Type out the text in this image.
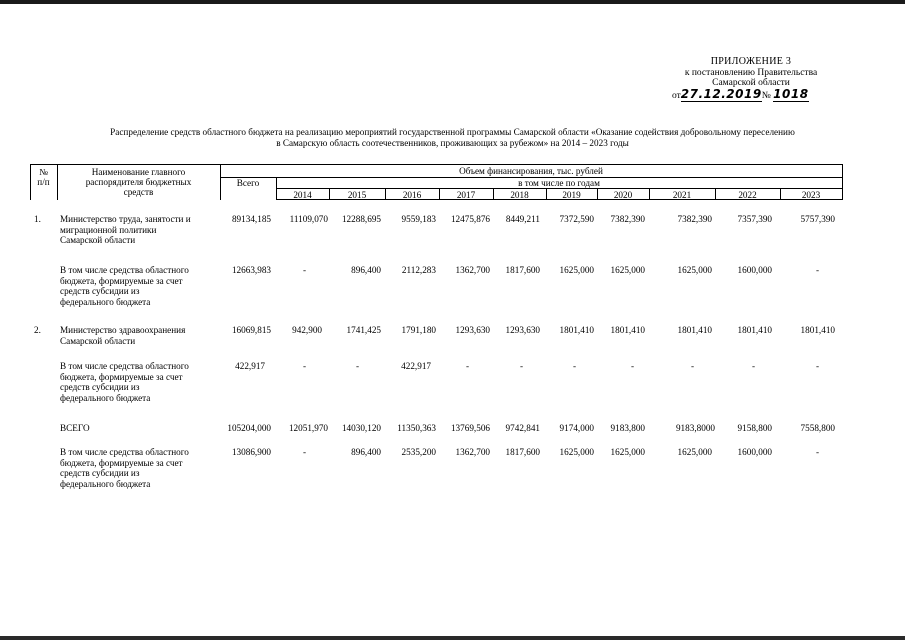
ПРИЛОЖЕНИЕ 3
к постановлению Правительства
Самарской области
от27.12.2019№ 1018
Распределение средств областного бюджета на реализацию мероприятий государственной программы Самарской области «Оказание содействия добровольному переселению
в Самарскую область соотечественников, проживающих за рубежом» на 2014 – 2023 годы
№
п/п
Наименование главного
распорядителя бюджетных
средств
Объем финансирования, тыс. рублей
Всего	в том числе по годам
2014	2015	2016	2017	2018	2019	2020	2021	2022	2023
1. Министерство труда, занятости и
миграционной политики
Самарской области
89134,185	11109,070	12288,695	9559,183	12475,876	8449,211	7372,590	7382,390	7382,390	7357,390	5757,390
В том числе средства областного
бюджета, формируемые за счет
средств субсидии из
федерального бюджета
12663,983	-	896,400	2112,283	1362,700	1817,600	1625,000	1625,000	1625,000	1600,000	-
2. Министерство здравоохранения
Самарской области
16069,815	942,900	1741,425	1791,180	1293,630	1293,630	1801,410	1801,410	1801,410	1801,410	1801,410
В том числе средства областного
бюджета, формируемые за счет
средств субсидии из
федерального бюджета
422,917	-	-	422,917	-	-	-	-	-	-	-
ВСЕГО	105204,000	12051,970	14030,120	11350,363	13769,506	9742,841	9174,000	9183,800	9183,8000	9158,800	7558,800
В том числе средства областного
бюджета, формируемые за счет
средств субсидии из
федерального бюджета
13086,900	-	896,400	2535,200	1362,700	1817,600	1625,000	1625,000	1625,000	1600,000	-
